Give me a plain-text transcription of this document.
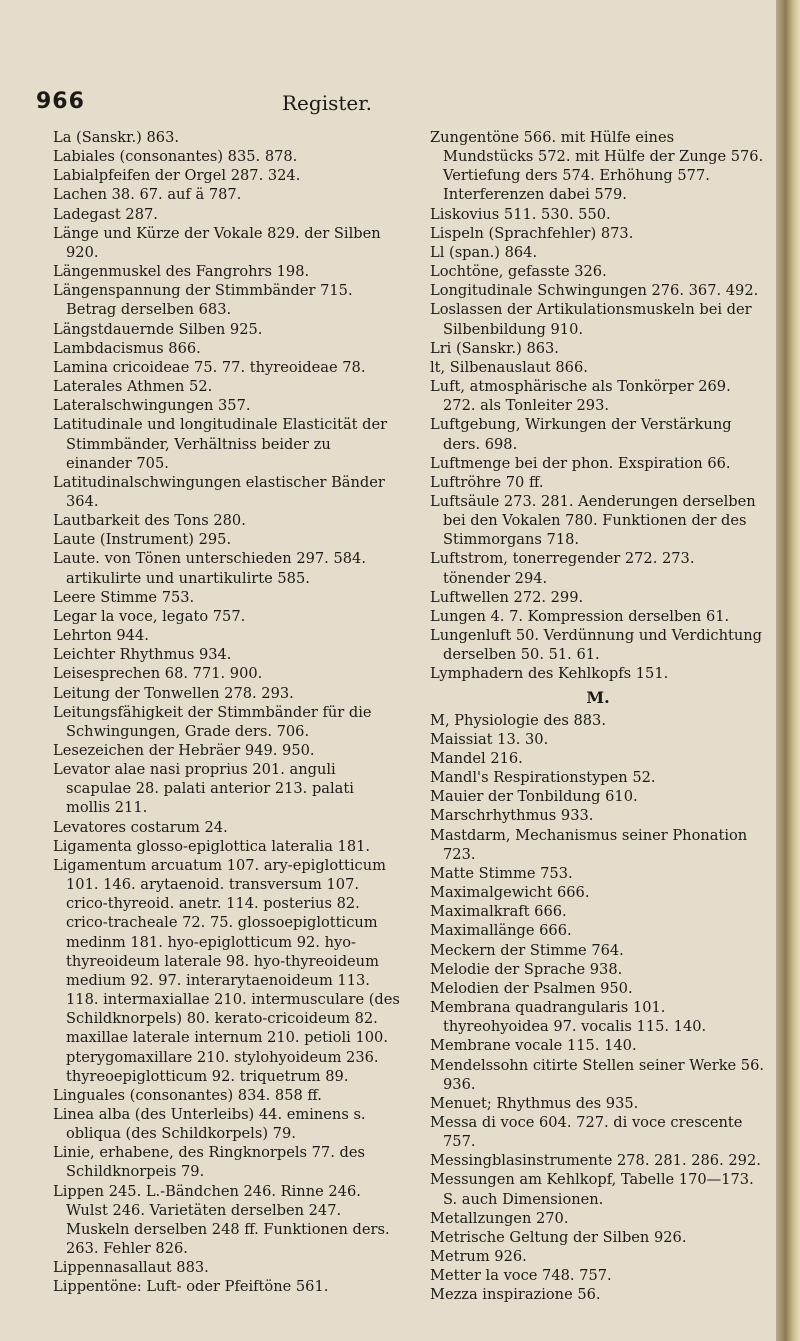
966	Register.

La (Sanskr.) 863.

Labiales (consonantes) 835. 878.

Labialpfeifen der Orgel 287. 324.

Lachen 38. 67. auf ä 787.

Ladegast 287.

Länge und Kürze der Vokale 829. der Silben 920.

Längenmuskel des Fangrohrs 198.

Längenspannung der Stimmbänder 715. Betrag derselben 683.

Längstdauernde Silben 925.

Lambdacismus 866.

Lamina cricoideae 75. 77. thyreoideae 78.

Laterales Athmen 52.

Lateralschwingungen 357.

Latitudinale und longitudinale Elasticität der Stimmbänder, Verhältniss beider zu einander 705.

Latitudinalschwingungen elastischer Bänder 364.

Lautbarkeit des Tons 280.

Laute (Instrument) 295.

Laute. von Tönen unterschieden 297. 584. artikulirte und unartikulirte 585.

Leere Stimme 753.

Legar la voce, legato 757.

Lehrton 944.

Leichter Rhythmus 934.

Leisesprechen 68. 771. 900.

Leitung der Tonwellen 278. 293.

Leitungsfähigkeit der Stimmbänder für die Schwingungen, Grade ders. 706.

Lesezeichen der Hebräer 949. 950.

Levator alae nasi proprius 201. anguli scapulae 28. palati anterior 213. palati mollis 211.

Levatores costarum 24.

Ligamenta glosso-epiglottica lateralia 181.

Ligamentum arcuatum 107. ary-epiglotticum 101. 146. arytaenoid. transversum 107. crico-thyreoid. anetr. 114. posterius 82. crico-tracheale 72. 75. glossoepiglotticum medinm 181. hyo-epiglotticum 92. hyo-thyreoideum laterale 98. hyo-thyreoideum medium 92. 97. interarytaenoideum 113. 118. intermaxiallae 210. intermusculare (des Schildknorpels) 80. kerato-cricoideum 82. maxillae laterale internum 210. petioli 100. pterygomaxillare 210. stylohyoideum 236. thyreoepiglotticum 92. triquetrum 89.

Linguales (consonantes) 834. 858 ff.

Linea alba (des Unterleibs) 44. eminens s. obliqua (des Schildkorpels) 79.

Linie, erhabene, des Ringknorpels 77. des Schildknorpeis 79.

Lippen 245. L.-Bändchen 246. Rinne 246. Wulst 246. Varietäten derselben 247. Muskeln derselben 248 ff. Funktionen ders. 263. Fehler 826.

Lippennasallaut 883.

Lippentöne: Luft- oder Pfeiftöne 561.

Zungentöne 566. mit Hülfe eines Mundstücks 572. mit Hülfe der Zunge 576. Vertiefung ders 574. Erhöhung 577. Interferenzen dabei 579.

Liskovius 511. 530. 550.

Lispeln (Sprachfehler) 873.

Ll (span.) 864.

Lochtöne, gefasste 326.

Longitudinale Schwingungen 276. 367. 492.

Loslassen der Artikulationsmuskeln bei der Silbenbildung 910.

Lri (Sanskr.) 863.

lt, Silbenauslaut 866.

Luft, atmosphärische als Tonkörper 269. 272. als Tonleiter 293.

Luftgebung, Wirkungen der Verstärkung ders. 698.

Luftmenge bei der phon. Exspiration 66.

Luftröhre 70 ff.

Luftsäule 273. 281. Aenderungen derselben bei den Vokalen 780. Funktionen der des Stimmorgans 718.

Luftstrom, tonerregender 272. 273. tönender 294.

Luftwellen 272. 299.

Lungen 4. 7. Kompression derselben 61.

Lungenluft 50. Verdünnung und Verdichtung derselben 50. 51. 61.

Lymphadern des Kehlkopfs 151.

M.

M, Physiologie des 883.

Maissiat 13. 30.

Mandel 216.

Mandl's Respirationstypen 52.

Mauier der Tonbildung 610.

Marschrhythmus 933.

Mastdarm, Mechanismus seiner Phonation 723.

Matte Stimme 753.

Maximalgewicht 666.

Maximalkraft 666.

Maximallänge 666.

Meckern der Stimme 764.

Melodie der Sprache 938.

Melodien der Psalmen 950.

Membrana quadrangularis 101. thyreohyoidea 97. vocalis 115. 140.

Membrane vocale 115. 140.

Mendelssohn citirte Stellen seiner Werke 56. 936.

Menuet; Rhythmus des 935.

Messa di voce 604. 727. di voce crescente 757.

Messingblasinstrumente 278. 281. 286. 292.

Messungen am Kehlkopf, Tabelle 170—173. S. auch Dimensionen.

Metallzungen 270.

Metrische Geltung der Silben 926.

Metrum 926.

Metter la voce 748. 757.

Mezza inspirazione 56.
